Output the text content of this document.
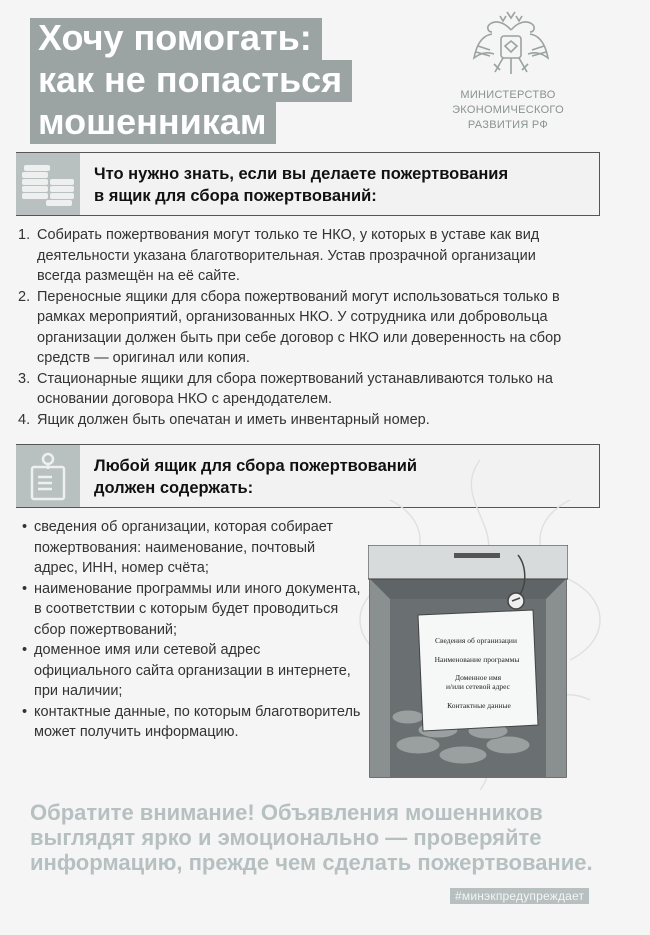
Хочу помогать:
как не попасться
мошенникам
МИНИСТЕРСТВО
ЭКОНОМИЧЕСКОГО
РАЗВИТИЯ РФ
Что нужно знать, если вы делаете пожертвования
в ящик для сбора пожертвований:
1. Собирать пожертвования могут только те НКО, у которых в уставе как вид деятельности указана благотворительная. Устав прозрачной организации всегда размещён на её сайте.
2. Переносные ящики для сбора пожертвований могут использоваться только в рамках мероприятий, организованных НКО. У сотрудника или добровольца организации должен быть при себе договор с НКО или доверенность на сбор средств — оригинал или копия.
3. Стационарные ящики для сбора пожертвований устанавливаются только на основании договора НКО с арендодателем.
4. Ящик должен быть опечатан и иметь инвентарный номер.
Любой ящик для сбора пожертвований
должен содержать:
• сведения об организации, которая собирает пожертвования: наименование, почтовый адрес, ИНН, номер счёта;
• наименование программы или иного документа, в соответствии с которым будет проводиться сбор пожертвований;
• доменное имя или сетевой адрес официального сайта организации в интернете, при наличии;
• контактные данные, по которым благотворитель может получить информацию.
Сведения об организации
Наименование программы
Доменное имя
и/или сетевой адрес
Контактные данные
Обратите внимание! Объявления мошенников
выглядят ярко и эмоционально — проверяйте
информацию, прежде чем сделать пожертвование.
#минэкпредупреждает
